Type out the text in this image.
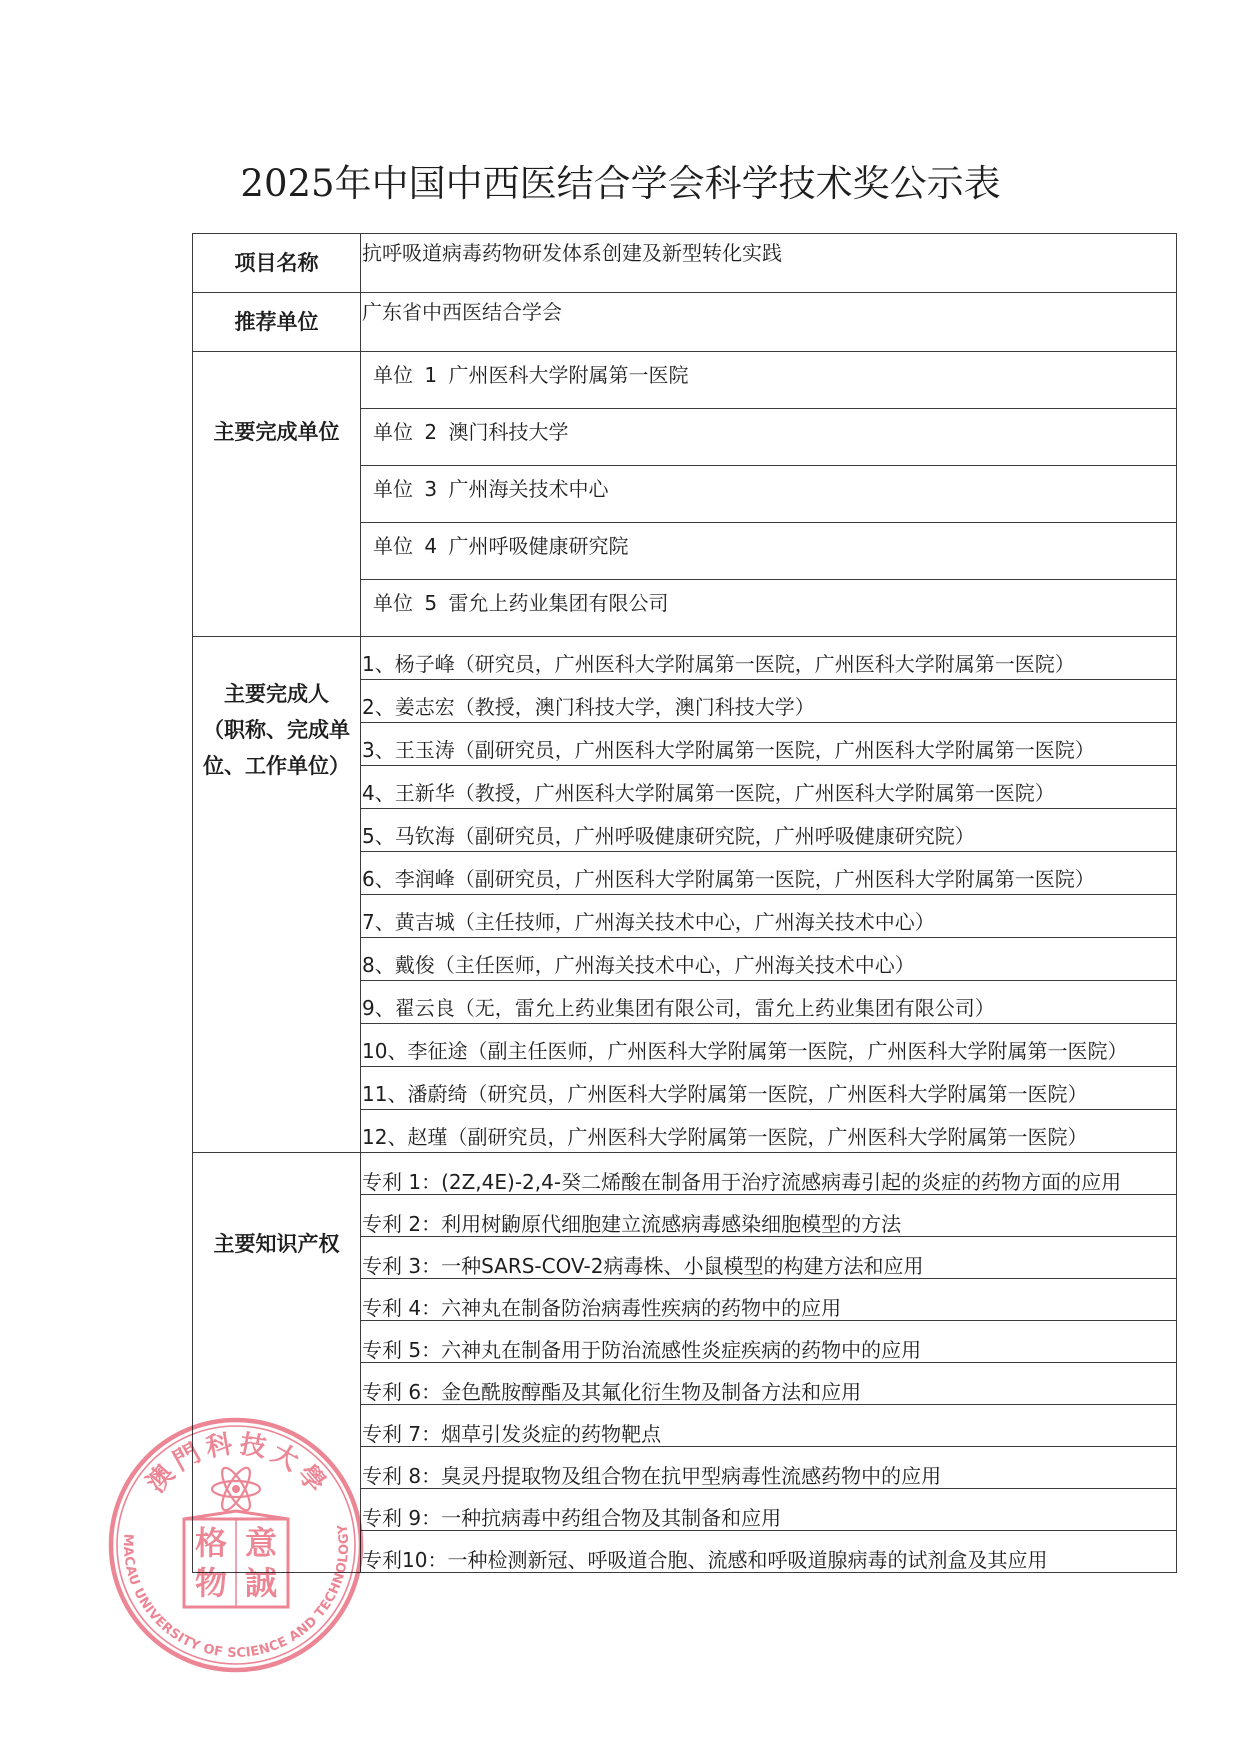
2025年中国中西医结合学会科学技术奖公示表
项目名称	抗呼吸道病毒药物研发体系创建及新型转化实践
推荐单位	广东省中西医结合学会
主要完成单位	单位 1 广州医科大学附属第一医院
	单位 2 澳门科技大学
	单位 3 广州海关技术中心
	单位 4 广州呼吸健康研究院
	单位 5 雷允上药业集团有限公司

主要完成人
（职称、完成单
位、工作单位）	1、杨子峰（研究员，广州医科大学附属第一医院，广州医科大学附属第一医院）
	2、姜志宏（教授，澳门科技大学，澳门科技大学）
	3、王玉涛（副研究员，广州医科大学附属第一医院，广州医科大学附属第一医院）
	4、王新华（教授，广州医科大学附属第一医院，广州医科大学附属第一医院）
	5、马钦海（副研究员，广州呼吸健康研究院，广州呼吸健康研究院）
	6、李润峰（副研究员，广州医科大学附属第一医院，广州医科大学附属第一医院）
	7、黄吉城（主任技师，广州海关技术中心，广州海关技术中心）
	8、戴俊（主任医师，广州海关技术中心，广州海关技术中心）
	9、翟云良（无，雷允上药业集团有限公司，雷允上药业集团有限公司）
	10、李征途（副主任医师，广州医科大学附属第一医院，广州医科大学附属第一医院）
	11、潘蔚绮（研究员，广州医科大学附属第一医院，广州医科大学附属第一医院）
	12、赵瑾（副研究员，广州医科大学附属第一医院，广州医科大学附属第一医院）
主要知识产权	专利 1：(2Z,4E)-2,4-癸二烯酸在制备用于治疗流感病毒引起的炎症的药物方面的应用
	专利 2：利用树鼩原代细胞建立流感病毒感染细胞模型的方法
	专利 3：一种SARS-COV-2病毒株、小鼠模型的构建方法和应用
	专利 4：六神丸在制备防治病毒性疾病的药物中的应用
	专利 5：六神丸在制备用于防治流感性炎症疾病的药物中的应用
	专利 6：金色酰胺醇酯及其氟化衍生物及制备方法和应用
	专利 7：烟草引发炎症的药物靶点
	专利 8：臭灵丹提取物及组合物在抗甲型病毒性流感药物中的应用
	专利 9：一种抗病毒中药组合物及其制备和应用
	专利10：一种检测新冠、呼吸道合胞、流感和呼吸道腺病毒的试剂盒及其应用
澳門科技大學
MACAU UNIVERSITY OF SCIENCE AND TECHNOLOGY
格 意
物 誠
